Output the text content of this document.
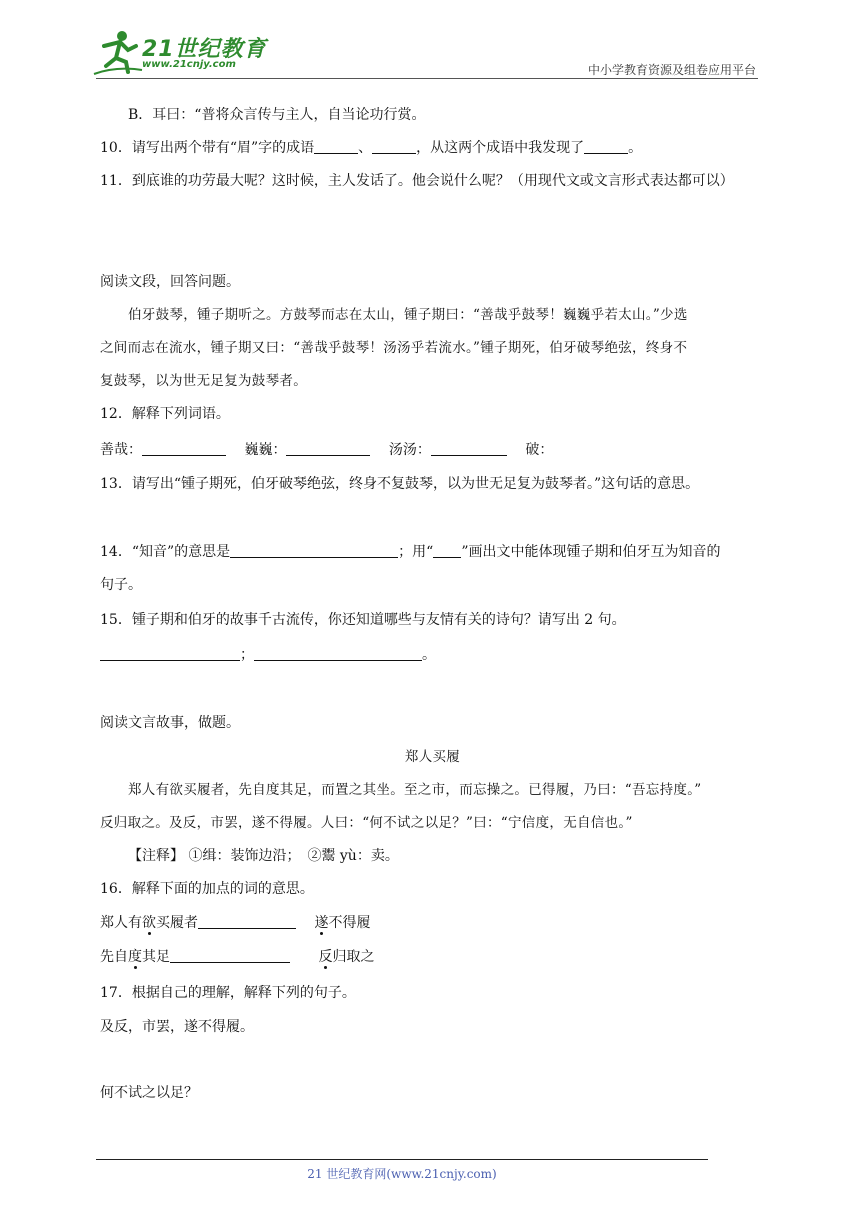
21世纪教育
www.21cnjy.com	中小学教育资源及组卷应用平台
B．耳曰：“普将众言传与主人，自当论功行赏。
10．请写出两个带有“眉”字的成语	、	，从这两个成语中我发现了	。
11．到底谁的功劳最大呢？这时候，主人发话了。他会说什么呢？（用现代文或文言形式表达都可以）
阅读文段，回答问题。
伯牙鼓琴，锺子期听之。方鼓琴而志在太山，锺子期曰：“善哉乎鼓琴！巍巍乎若太山。”少选
之间而志在流水，锺子期又曰：“善哉乎鼓琴！汤汤乎若流水。”锺子期死，伯牙破琴绝弦，终身不
复鼓琴，以为世无足复为鼓琴者。
12．解释下列词语。
善哉：	巍巍：	汤汤：	破：
13．请写出“锺子期死，伯牙破琴绝弦，终身不复鼓琴，以为世无足复为鼓琴者。”这句话的意思。
14．“知音”的意思是	；用“ ”画出文中能体现锺子期和伯牙互为知音的
句子。
15．锺子期和伯牙的故事千古流传，你还知道哪些与友情有关的诗句？请写出 2 句。
；	。
阅读文言故事，做题。
郑人买履
郑人有欲买履者，先自度其足，而置之其坐。至之市，而忘操之。已得履，乃曰：“吾忘持度。”
反归取之。及反，市罢，遂不得履。人曰：“何不试之以足？”曰：“宁信度，无自信也。”
【注释】 ①缉：装饰边沿；　②鬻 yù：卖。
16．解释下面的加点的词的意思。
郑人有欲买履者	遂不得履
先自度其足	反归取之
17．根据自己的理解，解释下列的句子。
及反，市罢，遂不得履。
何不试之以足？
21 世纪教育网(www.21cnjy.com)
